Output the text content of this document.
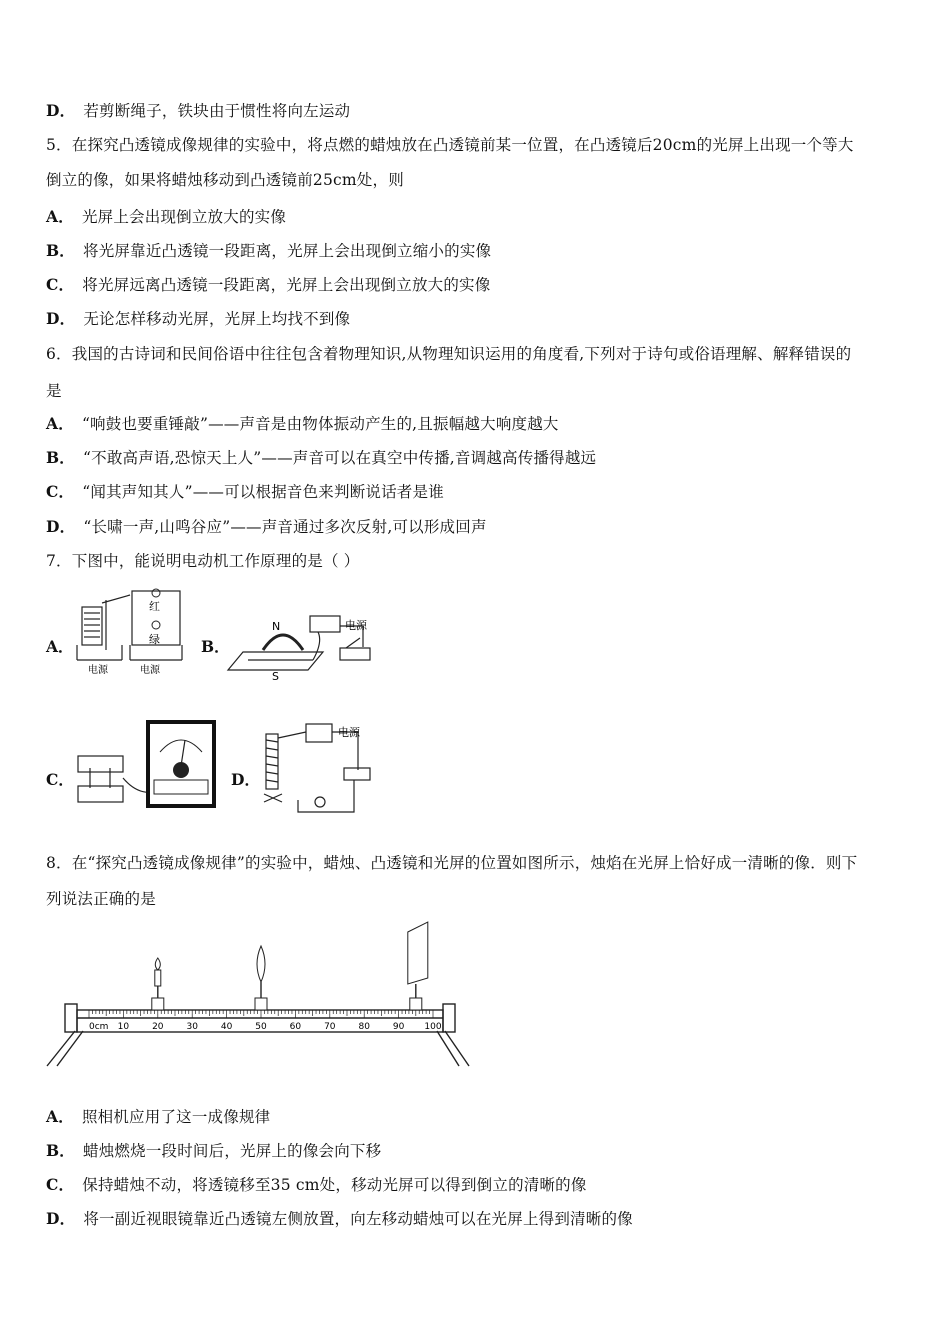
D． 若剪断绳子，铁块由于惯性将向左运动
5．在探究凸透镜成像规律的实验中，将点燃的蜡烛放在凸透镜前某一位置，在凸透镜后20cm的光屏上出现一个等大
倒立的像，如果将蜡烛移动到凸透镜前25cm处，则
A． 光屏上会出现倒立放大的实像
B． 将光屏靠近凸透镜一段距离，光屏上会出现倒立缩小的实像
C． 将光屏远离凸透镜一段距离，光屏上会出现倒立放大的实像
D． 无论怎样移动光屏，光屏上均找不到像
6．我国的古诗词和民间俗语中往往包含着物理知识,从物理知识运用的角度看,下列对于诗句或俗语理解、解释错误的
是
A． “响鼓也要重锤敲”——声音是由物体振动产生的,且振幅越大响度越大
B． “不敢高声语,恐惊天上人”——声音可以在真空中传播,音调越高传播得越远
C． “闻其声知其人”——可以根据音色来判断说话者是谁
D． “长啸一声,山鸣谷应”——声音通过多次反射,可以形成回声
7．下图中，能说明电动机工作原理的是（ ）
A．	B．
C．	D．
红
绿
电源	电源
N
S
电源
电源
8．在“探究凸透镜成像规律”的实验中，蜡烛、凸透镜和光屏的位置如图所示，烛焰在光屏上恰好成一清晰的像．则下
列说法正确的是
0cm 10	20	30	40	50	60	70	80	90 100
A． 照相机应用了这一成像规律
B． 蜡烛燃烧一段时间后，光屏上的像会向下移
C． 保持蜡烛不动，将透镜移至35 cm处，移动光屏可以得到倒立的清晰的像
D． 将一副近视眼镜靠近凸透镜左侧放置，向左移动蜡烛可以在光屏上得到清晰的像
